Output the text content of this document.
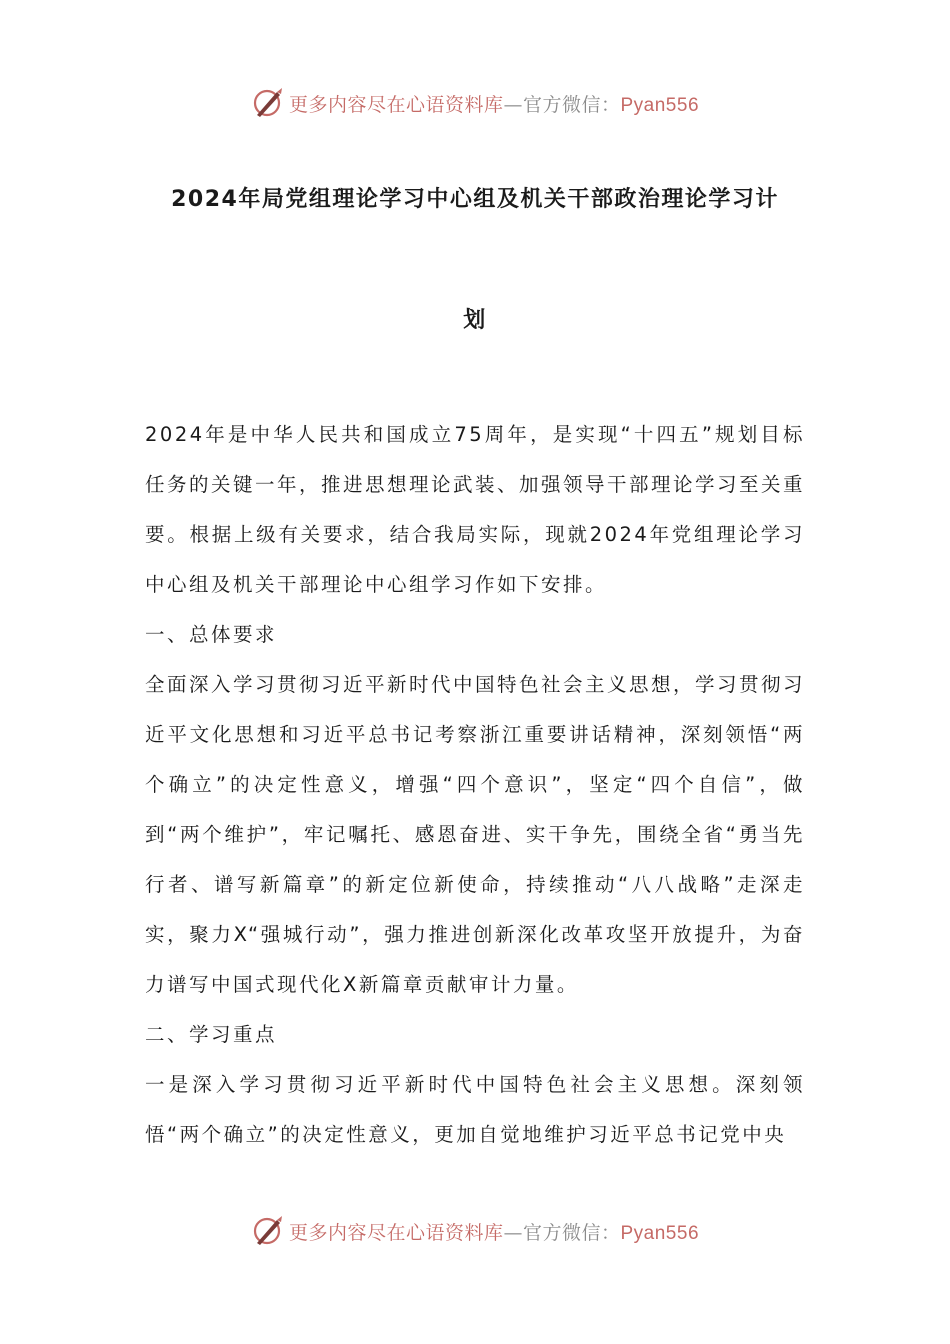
更多内容尽在心语资料库—官方微信：Pyan556
2024年局党组理论学习中心组及机关干部政治理论学习计
划

2024年是中华人民共和国成立75周年，是实现“十四五”规划目标任务的关键一年，推进思想理论武装、加强领导干部理论学习至关重要。根据上级有关要求，结合我局实际，现就2024年党组理论学习中心组及机关干部理论中心组学习作如下安排。

一、总体要求

全面深入学习贯彻习近平新时代中国特色社会主义思想，学习贯彻习近平文化思想和习近平总书记考察浙江重要讲话精神，深刻领悟“两个确立”的决定性意义，增强“四个意识”，坚定“四个自信”，做到“两个维护”，牢记嘱托、感恩奋进、实干争先，围绕全省“勇当先行者、谱写新篇章”的新定位新使命，持续推动“八八战略”走深走实，聚力X“强城行动”，强力推进创新深化改革攻坚开放提升，为奋力谱写中国式现代化X新篇章贡献审计力量。

二、学习重点

一是深入学习贯彻习近平新时代中国特色社会主义思想。深刻领悟“两个确立”的决定性意义，更加自觉地维护习近平总书记党中央

更多内容尽在心语资料库—官方微信：Pyan556
